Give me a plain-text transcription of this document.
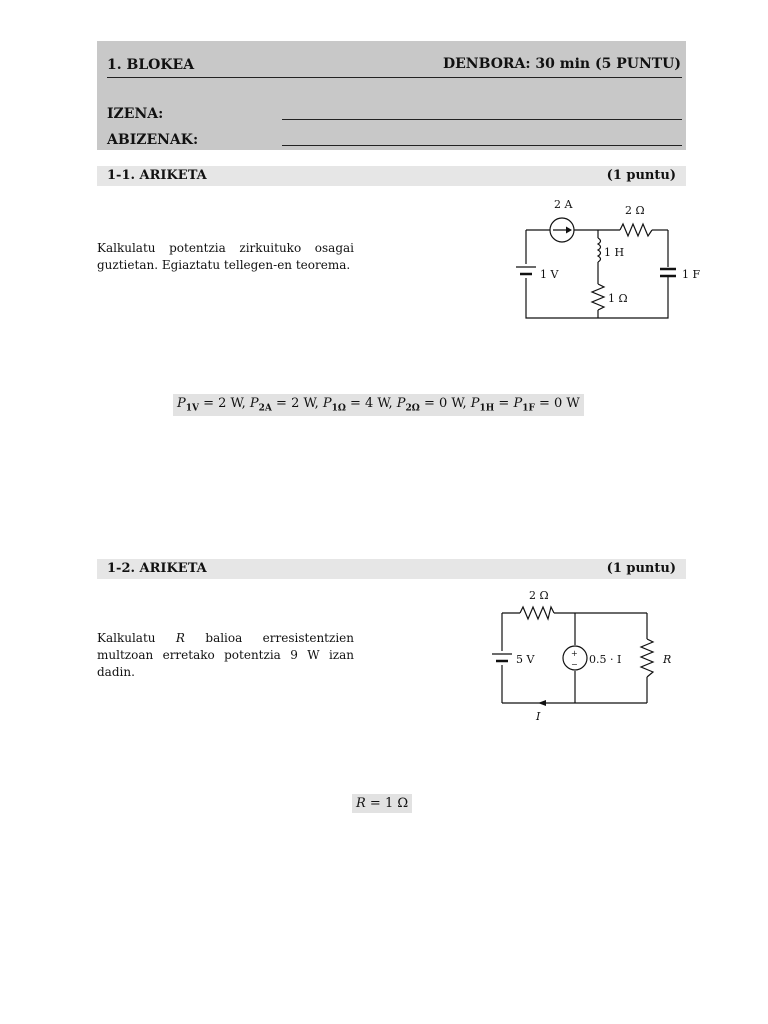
1. BLOKEA	DENBORA: 30 min (5 PUNTU)
IZENA:
ABIZENAK:
1-1. ARIKETA	(1 puntu)
Kalkulatu potentzia zirkuituko osagai guztietan. Egiaztatu tellegen-en teorema.
2 A	2 Ω
1 H
1 Ω
1 V	1 F
$P_{1V} = 2$ W, $P_{2A} = 2$ W, $P_{1\Omega} = 4$ W, $P_{2\Omega} = 0$ W, $P_{1H} = P_{1F} = 0$ W
1-2. ARIKETA	(1 puntu)
Kalkulatu R balioa erresistentzien multzoan erretako potentzia 9 W izan dadin.
2 Ω
5 V	+
− 0.5 · I	R
I
R = 1 Ω
